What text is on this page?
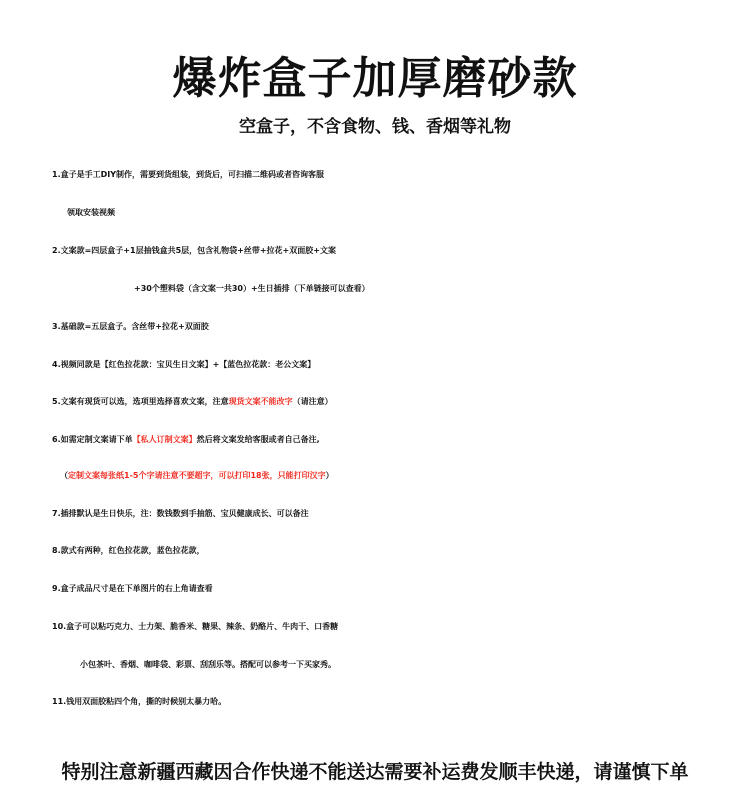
爆炸盒子加厚磨砂款
空盒子，不含食物、钱、香烟等礼物
1.盒子是手工DIY制作，需要到货组装，到货后，可扫描二维码或者咨询客服
领取安装视频
2.文案款=四层盒子+1层抽钱盒共5层，包含礼物袋+丝带+拉花+双面胶+文案
+30个塑料袋（含文案一共30）+生日插排（下单链接可以查看）
3.基础款=五层盒子。含丝带+拉花+双面胶
4.视频同款是【红色拉花款：宝贝生日文案】+【蓝色拉花款：老公文案】
5.文案有现货可以选，选项里选择喜欢文案，注意现货文案不能改字（请注意）
6.如需定制文案请下单【私人订制文案】然后将文案发给客服或者自己备注,
（定制文案每张纸1-5个字请注意不要超字，可以打印18张，只能打印汉字）
7.插排默认是生日快乐，注：数钱数到手抽筋、宝贝健康成长、可以备注
8.款式有两种，红色拉花款，蓝色拉花款，
9.盒子成品尺寸是在下单图片的右上角请查看
10.盒子可以粘巧克力、士力架、脆香米、糖果、辣条、奶酪片、牛肉干、口香糖
小包茶叶、香烟、咖啡袋、彩票、刮刮乐等。搭配可以参考一下买家秀。
11.钱用双面胶粘四个角，撕的时候别太暴力哈。
特别注意新疆西藏因合作快递不能送达需要补运费发顺丰快递，请谨慎下单
